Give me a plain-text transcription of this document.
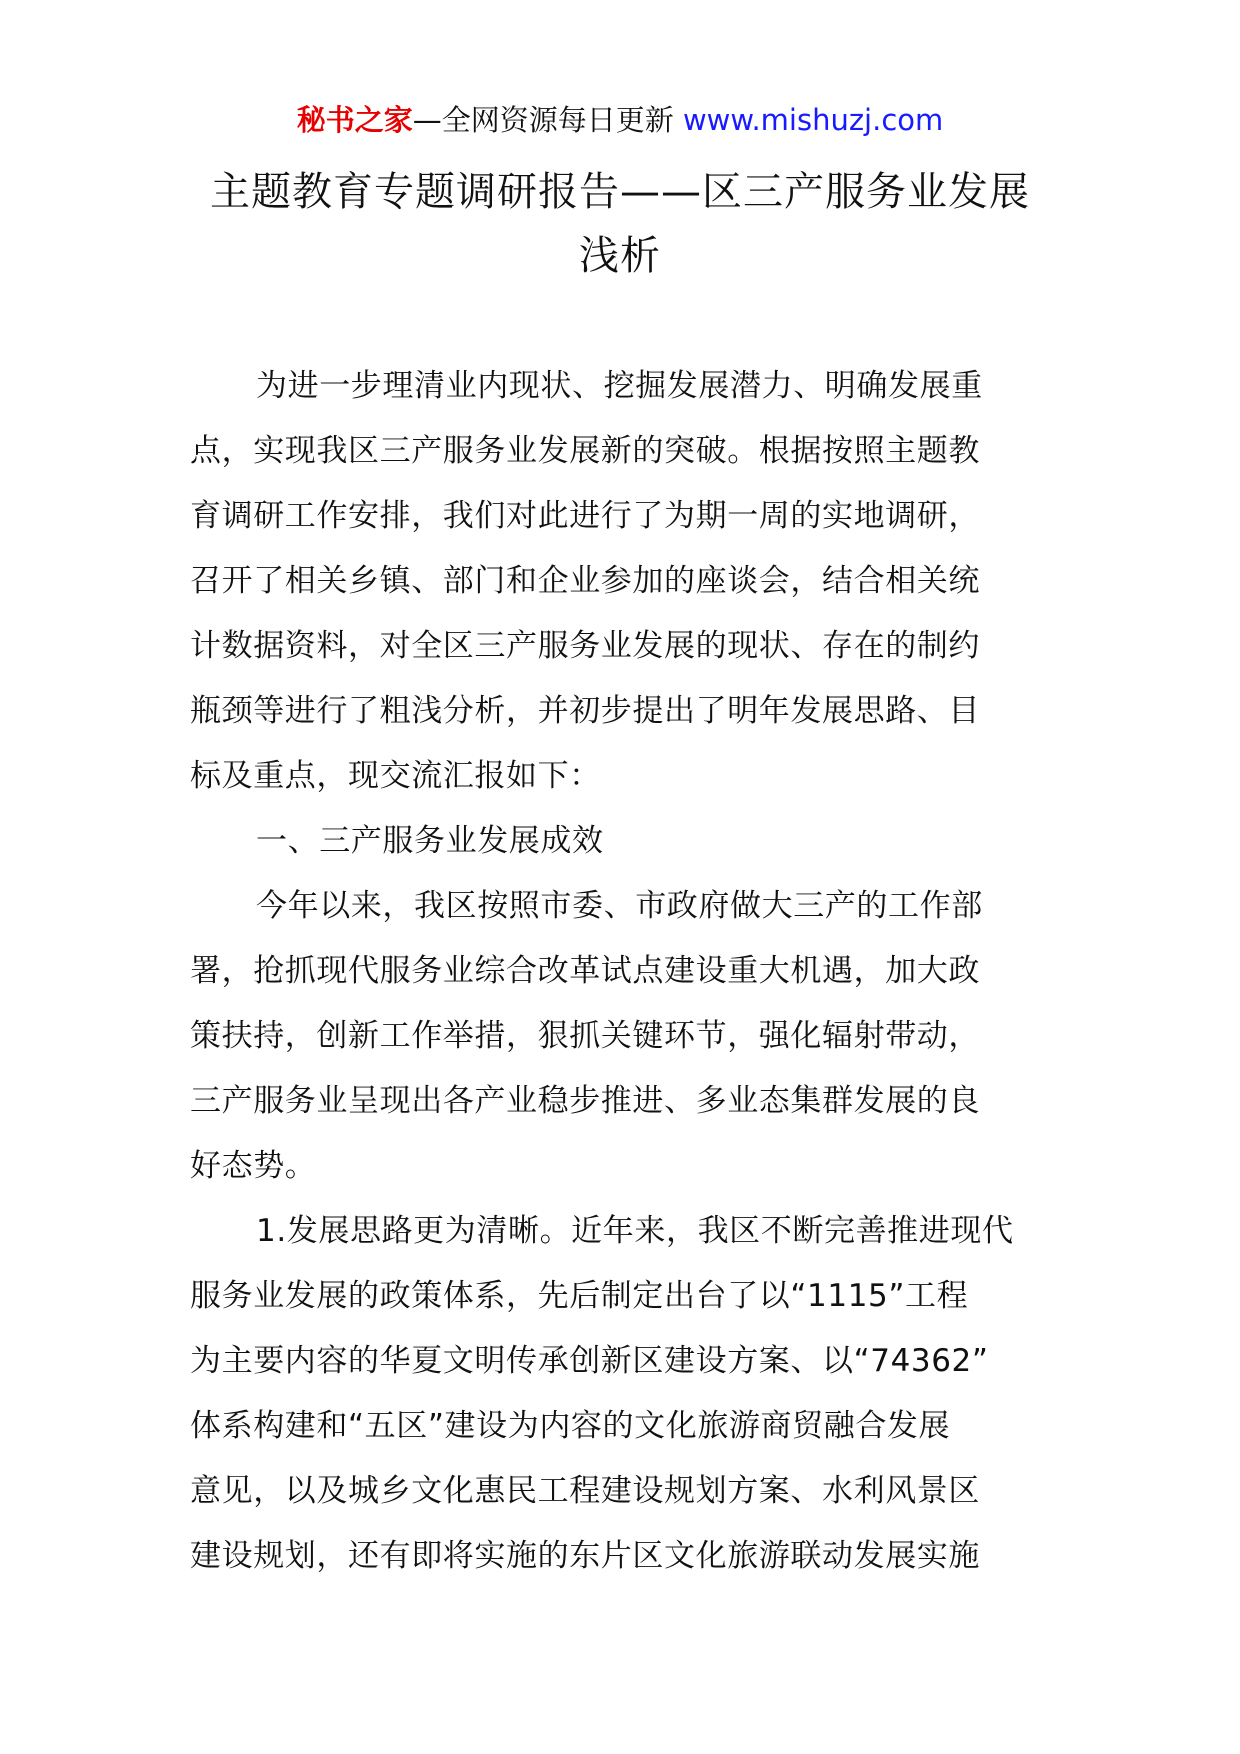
秘书之家—全网资源每日更新 www.mishuzj.com
主题教育专题调研报告——区三产服务业发展
浅析

为进一步理清业内现状、挖掘发展潜力、明确发展重
点，实现我区三产服务业发展新的突破。根据按照主题教
育调研工作安排，我们对此进行了为期一周的实地调研，
召开了相关乡镇、部门和企业参加的座谈会，结合相关统
计数据资料，对全区三产服务业发展的现状、存在的制约
瓶颈等进行了粗浅分析，并初步提出了明年发展思路、目
标及重点，现交流汇报如下：

一、三产服务业发展成效

今年以来，我区按照市委、市政府做大三产的工作部
署，抢抓现代服务业综合改革试点建设重大机遇，加大政
策扶持，创新工作举措，狠抓关键环节，强化辐射带动，
三产服务业呈现出各产业稳步推进、多业态集群发展的良
好态势。

1.发展思路更为清晰。近年来，我区不断完善推进现代
服务业发展的政策体系，先后制定出台了以“1115”工程
为主要内容的华夏文明传承创新区建设方案、以“74362”
体系构建和“五区”建设为内容的文化旅游商贸融合发展
意见，以及城乡文化惠民工程建设规划方案、水利风景区
建设规划，还有即将实施的东片区文化旅游联动发展实施
